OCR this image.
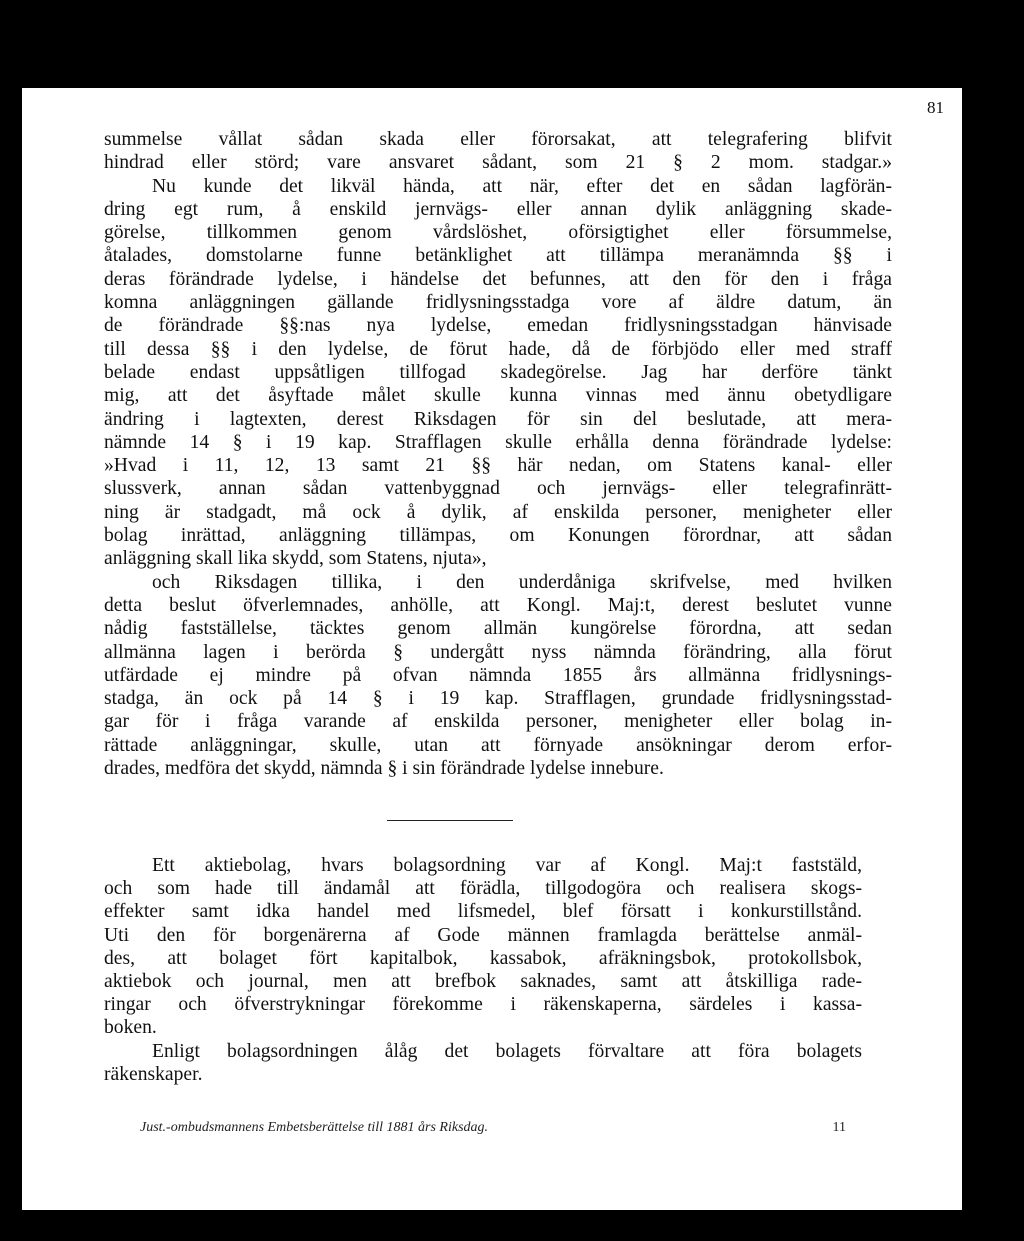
81
summelse vållat sådan skada eller förorsakat, att telegrafering blifvit
hindrad eller störd; vare ansvaret sådant, som 21 § 2 mom. stadgar.»
Nu kunde det likväl hända, att när, efter det en sådan lagförän-
dring egt rum, å enskild jernvägs- eller annan dylik anläggning skade-
görelse, tillkommen genom vårdslöshet, oförsigtighet eller försummelse,
åtalades, domstolarne funne betänklighet att tillämpa meranämnda §§ i
deras förändrade lydelse, i händelse det befunnes, att den för den i fråga
komna anläggningen gällande fridlysningsstadga vore af äldre datum, än
de förändrade §§:nas nya lydelse, emedan fridlysningsstadgan hänvisade
till dessa §§ i den lydelse, de förut hade, då de förbjödo eller med straff
belade endast uppsåtligen tillfogad skadegörelse. Jag har derföre tänkt
mig, att det åsyftade målet skulle kunna vinnas med ännu obetydligare
ändring i lagtexten, derest Riksdagen för sin del beslutade, att mera-
nämnde 14 § i 19 kap. Strafflagen skulle erhålla denna förändrade lydelse:
»Hvad i 11, 12, 13 samt 21 §§ här nedan, om Statens kanal- eller
slussverk, annan sådan vattenbyggnad och jernvägs- eller telegrafinrätt-
ning är stadgadt, må ock å dylik, af enskilda personer, menigheter eller
bolag inrättad, anläggning tillämpas, om Konungen förordnar, att sådan
anläggning skall lika skydd, som Statens, njuta»,
och Riksdagen tillika, i den underdåniga skrifvelse, med hvilken
detta beslut öfverlemnades, anhölle, att Kongl. Maj:t, derest beslutet vunne
nådig fastställelse, täcktes genom allmän kungörelse förordna, att sedan
allmänna lagen i berörda § undergått nyss nämnda förändring, alla förut
utfärdade ej mindre på ofvan nämnda 1855 års allmänna fridlysnings-
stadga, än ock på 14 § i 19 kap. Strafflagen, grundade fridlysningsstad-
gar för i fråga varande af enskilda personer, menigheter eller bolag in-
rättade anläggningar, skulle, utan att förnyade ansökningar derom erfor-
drades, medföra det skydd, nämnda § i sin förändrade lydelse innebure.
Ett aktiebolag, hvars bolagsordning var af Kongl. Maj:t faststäld,
och som hade till ändamål att förädla, tillgodogöra och realisera skogs-
effekter samt idka handel med lifsmedel, blef försatt i konkurstillstånd.
Uti den för borgenärerna af Gode männen framlagda berättelse anmäl-
des, att bolaget fört kapitalbok, kassabok, afräkningsbok, protokollsbok,
aktiebok och journal, men att brefbok saknades, samt att åtskilliga rade-
ringar och öfverstrykningar förekomme i räkenskaperna, särdeles i kassa-
boken.
Enligt bolagsordningen ålåg det bolagets förvaltare att föra bolagets
räkenskaper.
Just.-ombudsmannens Embetsberättelse till 1881 års Riksdag.	11
